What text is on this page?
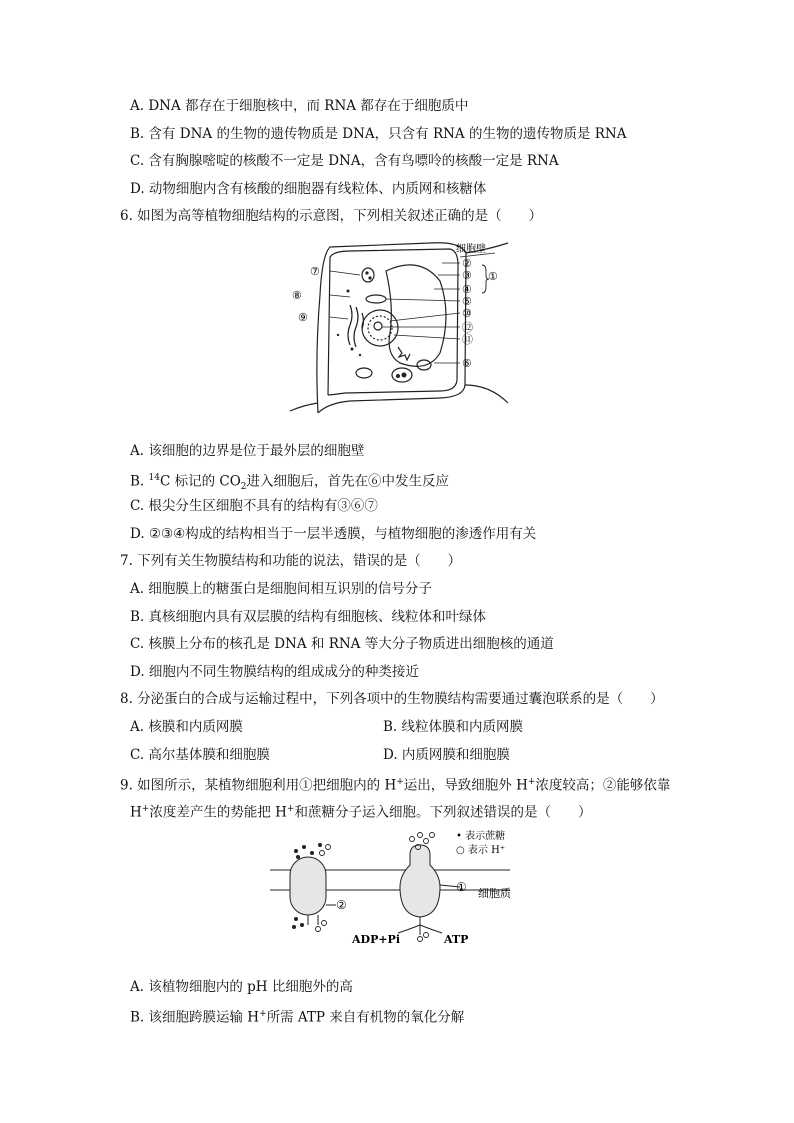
A. DNA 都存在于细胞核中，而 RNA 都存在于细胞质中
B. 含有 DNA 的生物的遗传物质是 DNA，只含有 RNA 的生物的遗传物质是 RNA
C. 含有胸腺嘧啶的核酸不一定是 DNA，含有鸟嘌呤的核酸一定是 RNA
D. 动物细胞内含有核酸的细胞器有线粒体、内质网和核糖体
6. 如图为高等植物细胞结构的示意图，下列相关叙述正确的是（　　）
细胞壁
②
③
④
①
⑤
⑩
⑫
⑪
⑥
⑦
⑧
⑨
A. 该细胞的边界是位于最外层的细胞壁
B. $^{14}$C 标记的 $CO_2$进入细胞后，首先在⑥中发生反应
C. 根尖分生区细胞不具有的结构有③⑥⑦
D. ②③④构成的结构相当于一层半透膜，与植物细胞的渗透作用有关
7. 下列有关生物膜结构和功能的说法，错误的是（　　）
A. 细胞膜上的糖蛋白是细胞间相互识别的信号分子
B. 真核细胞内具有双层膜的结构有细胞核、线粒体和叶绿体
C. 核膜上分布的核孔是 DNA 和 RNA 等大分子物质进出细胞核的通道
D. 细胞内不同生物膜结构的组成成分的种类接近
8. 分泌蛋白的合成与运输过程中，下列各项中的生物膜结构需要通过囊泡联系的是（　　）
A. 核膜和内质网膜	B. 线粒体膜和内质网膜
C. 高尔基体膜和细胞膜	D. 内质网膜和细胞膜
9. 如图所示，某植物细胞利用①把细胞内的 H+运出，导致细胞外 H+浓度较高；②能够依靠
H+浓度差产生的势能把 H+和蔗糖分子运入细胞。下列叙述错误的是（　　）
• 表示蔗糖
○ 表示 H⁺
细胞质
①
②
ADP+Pi	ATP
A. 该植物细胞内的 pH 比细胞外的高
B. 该细胞跨膜运输 H+所需 ATP 来自有机物的氧化分解
